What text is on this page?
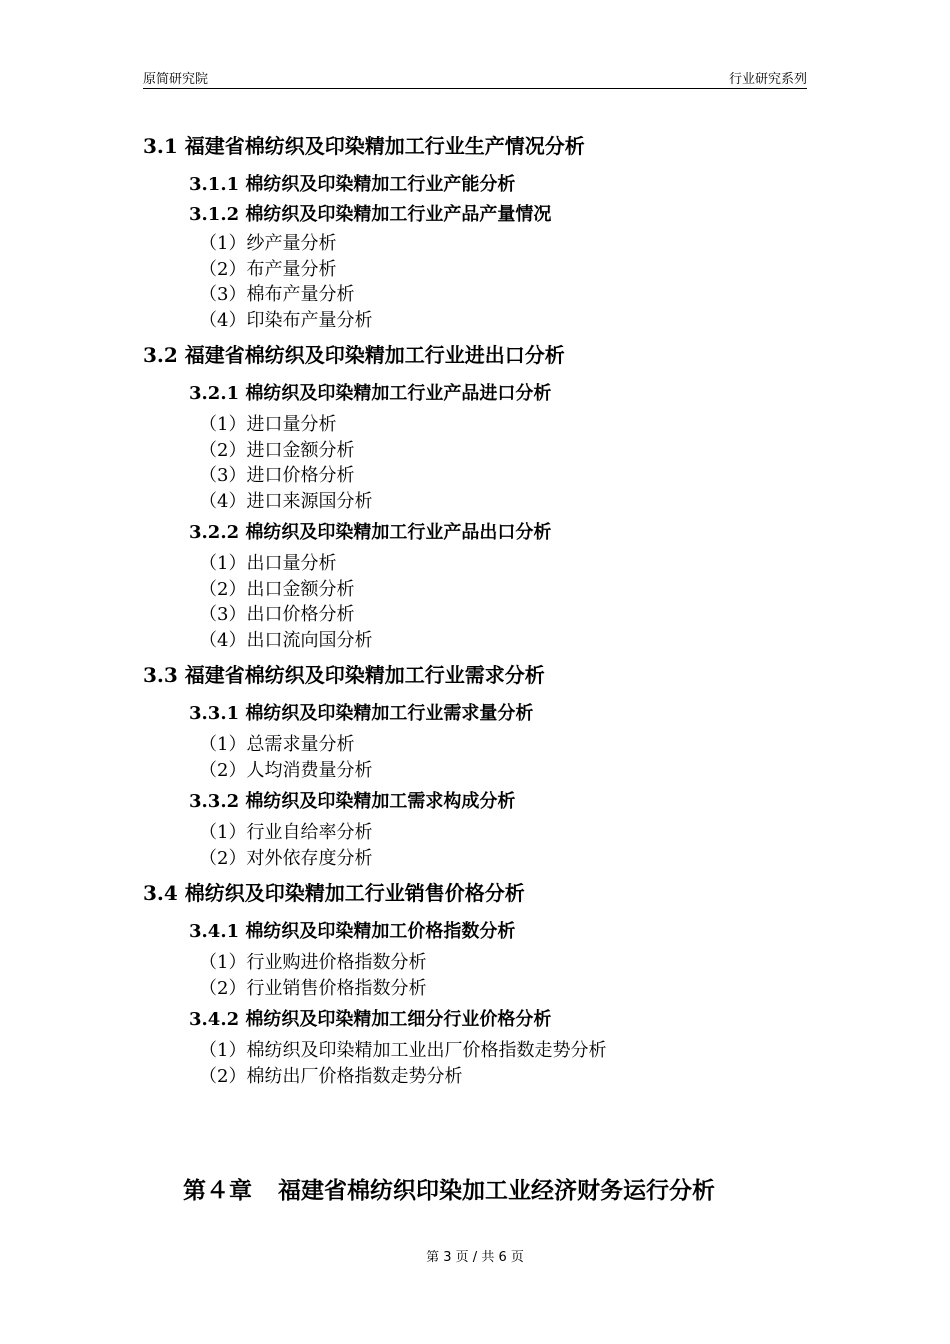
原简研究院	行业研究系列
3.1 福建省棉纺织及印染精加工行业生产情况分析
3.1.1 棉纺织及印染精加工行业产能分析
3.1.2 棉纺织及印染精加工行业产品产量情况
（1）纱产量分析
（2）布产量分析
（3）棉布产量分析
（4）印染布产量分析
3.2 福建省棉纺织及印染精加工行业进出口分析
3.2.1 棉纺织及印染精加工行业产品进口分析
（1）进口量分析
（2）进口金额分析
（3）进口价格分析
（4）进口来源国分析
3.2.2 棉纺织及印染精加工行业产品出口分析
（1）出口量分析
（2）出口金额分析
（3）出口价格分析
（4）出口流向国分析
3.3 福建省棉纺织及印染精加工行业需求分析
3.3.1 棉纺织及印染精加工行业需求量分析
（1）总需求量分析
（2）人均消费量分析
3.3.2 棉纺织及印染精加工需求构成分析
（1）行业自给率分析
（2）对外依存度分析
3.4 棉纺织及印染精加工行业销售价格分析
3.4.1 棉纺织及印染精加工价格指数分析
（1）行业购进价格指数分析
（2）行业销售价格指数分析
3.4.2 棉纺织及印染精加工细分行业价格分析
（1）棉纺织及印染精加工业出厂价格指数走势分析
（2）棉纺出厂价格指数走势分析
第４章 福建省棉纺织印染加工业经济财务运行分析
第 3 页 / 共 6 页
